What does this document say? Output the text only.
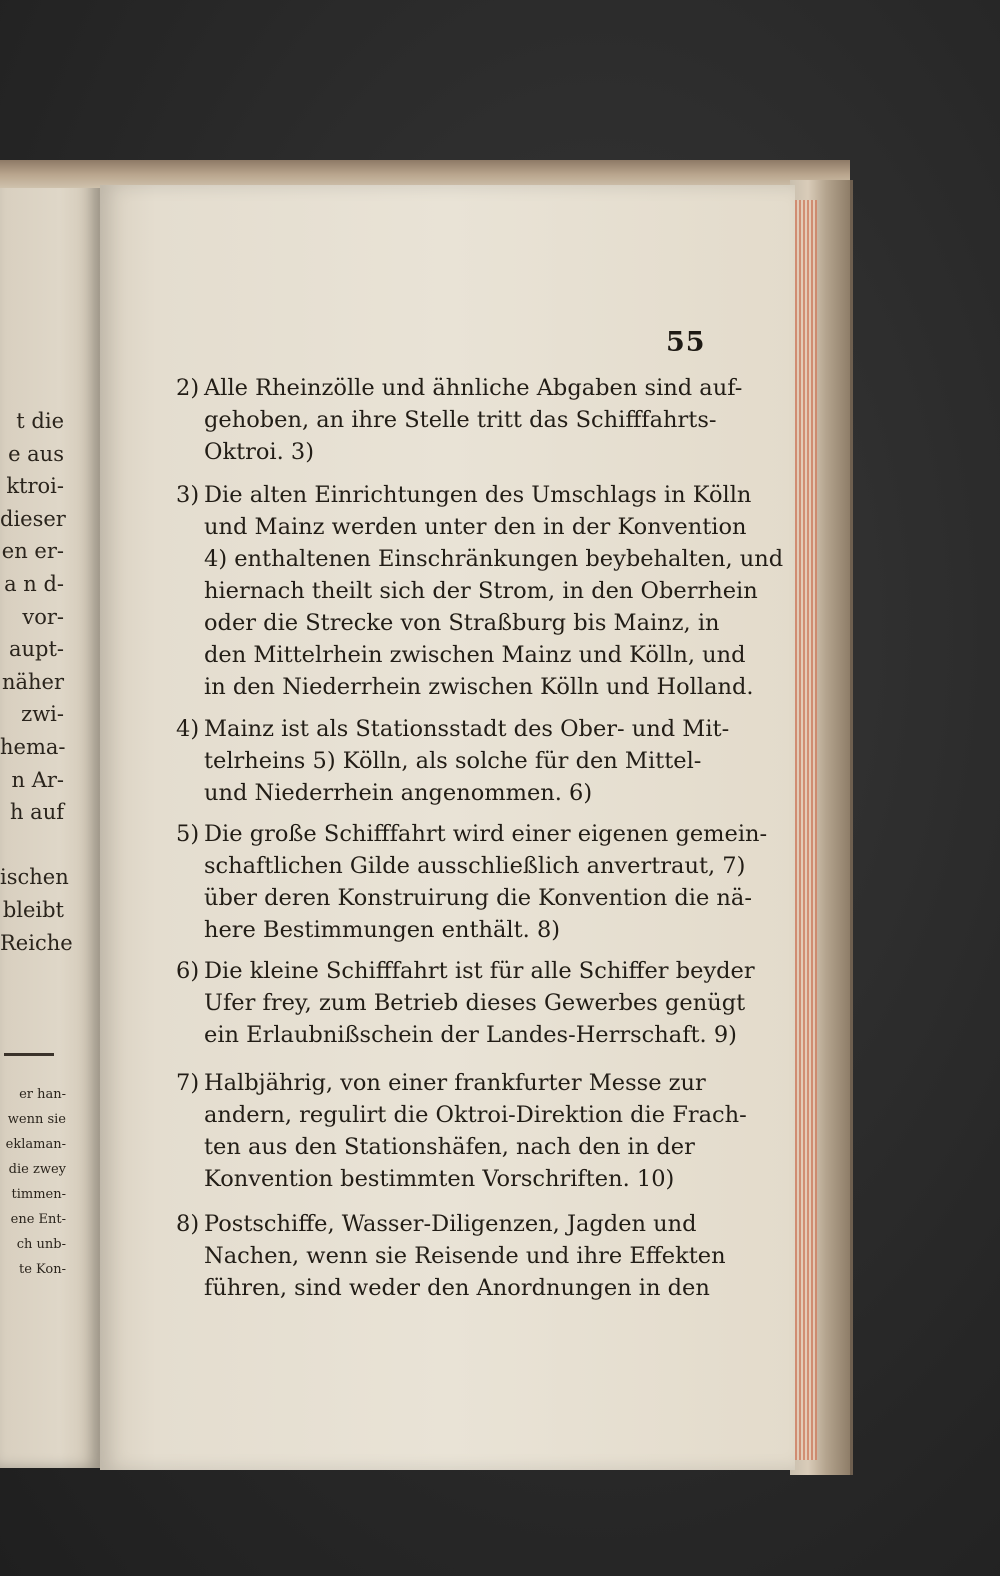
t die
e aus
ktroi-
dieser
en er-
a n d-
vor-
aupt-
näher
zwi-
hema-
n Ar-
h auf
ischen
bleibt
Reiche
er han-
wenn sie
eklaman-
die zwey
timmen-
ene Ent-
ch unb-
te Kon-
55
2) Alle Rheinzölle und ähnliche Abgaben sind auf-
gehoben, an ihre Stelle tritt das Schifffahrts-
Oktroi. 3)
3) Die alten Einrichtungen des Umschlags in Kölln
und Mainz werden unter den in der Konvention
4) enthaltenen Einschränkungen beybehalten, und
hiernach theilt sich der Strom, in den Oberrhein
oder die Strecke von Straßburg bis Mainz, in
den Mittelrhein zwischen Mainz und Kölln, und
in den Niederrhein zwischen Kölln und Holland.
4) Mainz ist als Stationsstadt des Ober- und Mit-
telrheins 5) Kölln, als solche für den Mittel-
und Niederrhein angenommen. 6)
5) Die große Schifffahrt wird einer eigenen gemein-
schaftlichen Gilde ausschließlich anvertraut, 7)
über deren Konstruirung die Konvention die nä-
here Bestimmungen enthält. 8)
6) Die kleine Schifffahrt ist für alle Schiffer beyder
Ufer frey, zum Betrieb dieses Gewerbes genügt
ein Erlaubnißschein der Landes-Herrschaft. 9)
7) Halbjährig, von einer frankfurter Messe zur
andern, regulirt die Oktroi-Direktion die Frach-
ten aus den Stationshäfen, nach den in der
Konvention bestimmten Vorschriften. 10)
8) Postschiffe, Wasser-Diligenzen, Jagden und
Nachen, wenn sie Reisende und ihre Effekten
führen, sind weder den Anordnungen in den
